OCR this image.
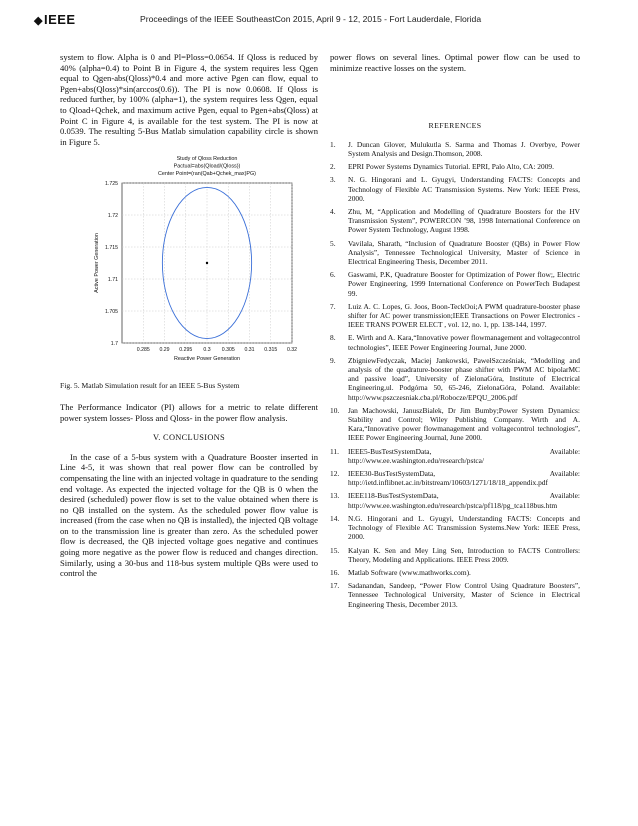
◆IEEE	Proceedings of the IEEE SoutheastCon 2015, April 9 - 12, 2015 - Fort Lauderdale, Florida

system to flow. Alpha is 0 and Pl=Ploss=0.0654. If Qloss is reduced by 40% (alpha=0.4) to Point B in Figure 4, the system requires less Qgen equal to Qgen-abs(Qloss)*0.4 and more active Pgen can flow, equal to Pgen+abs(Qloss)*sin(arccos(0.6)). The PI is now 0.0608. If Qloss is reduced further, by 100% (alpha=1), the system requires less Qgen, equal to Qload+Qchek, and maximum active Pgen, equal to Pgen+abs(Qloss) at Point C in Figure 4, is available for the test system. The PI is now at 0.0539. The resulting 5-Bus Matlab simulation capability circle is shown in Figure 5.

Study of Qloss Reduction
Pactual=abs(Qload/(Qloss))
Center Point=(ran(Qab+Qchek_max)PG)
0.285 0.29 0.295 0.3 0.305 0.31 0.315 0.32
1.7
1.705
1.71
1.715
1.72
1.725
Reactive Power Generation
Active Power Generation
Fig. 5. Matlab Simulation result for an IEEE 5-Bus System

The Performance Indicator (PI) allows for a metric to relate different power system losses- Ploss and Qloss- in the power flow analysis.

V. CONCLUSIONS

In the case of a 5-bus system with a Quadrature Booster inserted in Line 4-5, it was shown that real power flow can be controlled by compensating the line with an injected voltage in quadrature to the sending end voltage. As expected the injected voltage for the QB is 0 when the desired (scheduled) power flow is set to the value obtained when there is no QB installed on the system. As the scheduled power flow value is increased (from the case when no QB is installed), the injected QB voltage on to the transmission line is greater than zero. As the scheduled power flow is decreased, the QB injected voltage goes negative and continues going more negative as the power flow is reduced and changes direction. Similarly, using a 30-bus and 118-bus system multiple QBs were used to control the

power flows on several lines. Optimal power flow can be used to minimize reactive losses on the system.

REFERENCES
1. J. Duncan Glover, Mulukutla S. Sarma and Thomas J. Overbye, Power System Analysis and Design.Thomson, 2008.
2. EPRI Power Systems Dynamics Tutorial. EPRI, Palo Alto, CA: 2009.
3. N. G. Hingorani and L. Gyugyi, Understanding FACTS: Concepts and Technology of Flexible AC Transmission Systems. New York: IEEE Press, 2000.
4. Zhu, M, “Application and Modelling of Quadrature Boosters for the HV Transmission System”, POWERCON ’98, 1998 International Conference on Power System Technology, August 1998.
5. Vavilala, Sharath, “Inclusion of Quadrature Booster (QBs) in Power Flow Analysis”, Tennessee Technological University, Master of Science in Electrical Engineering Thesis, December 2011.
6. Gaswami, P.K, Quadrature Booster for Optimization of Power flow;, Electric Power Engineering, 1999 International Conference on PowerTech Budapest 99.
7. Luiz A. C. Lopes, G. Joos, Boon-TeckOoi;A PWM quadrature-booster phase shifter for AC power transmission;IEEE Transactions on Power Electronics - IEEE TRANS POWER ELECT , vol. 12, no. 1, pp. 138-144, 1997.
8. E. Wirth and A. Kara,“Innovative power flowmanagement and voltagecontrol technologies”, IEEE Power Engineering Journal, June 2000.
9. ZbigniewFedyczak, Maciej Jankowski, PawełSzcześniak, “Modelling and analysis of the quadrature-booster phase shifter with PWM AC bipolarMC and passive load”, University of ZielonaGóra, Institute of Electrical Engineering,ul. Podgórna 50, 65-246, ZielonaGóra, Poland. Available: http://www.pszczesniak.cba.pl/Robocze/EPQU_2006.pdf
10. Jan Machowski, JanuszBialek, Dr Jim Bumby;Power System Dynamics: Stability and Control; Wiley Publishing Company. Wirth and A. Kara,“Innovative power flowmanagement and voltagecontrol technologies”, IEEE Power Engineering Journal, June 2000.
11. IEEE5-BusTestSystemData, Available: http://www.ee.washington.edu/research/pstca/
12. IEEE30-BusTestSystemData, Available: http://ietd.inflibnet.ac.in/bitstream/10603/1271/18/18_appendix.pdf
13. IEEE118-BusTestSystemData, Available: http://www.ee.washington.edu/research/pstca/pf118/pg_tca118bus.htm
14. N.G. Hingorani and L. Gyugyi, Understanding FACTS: Concepts and Technology of Flexible AC Transmission Systems.New York: IEEE Press, 2000.
15. Kalyan K. Sen and Mey Ling Sen, Introduction to FACTS Controllers: Theory, Modeling and Applications. IEEE Press 2009.
16. Matlab Software (www.mathworks.com).
17. Sadanandan, Sandeep, “Power Flow Control Using Quadrature Boosters”, Tennessee Technological University, Master of Science in Electrical Engineering Thesis, December 2013.
